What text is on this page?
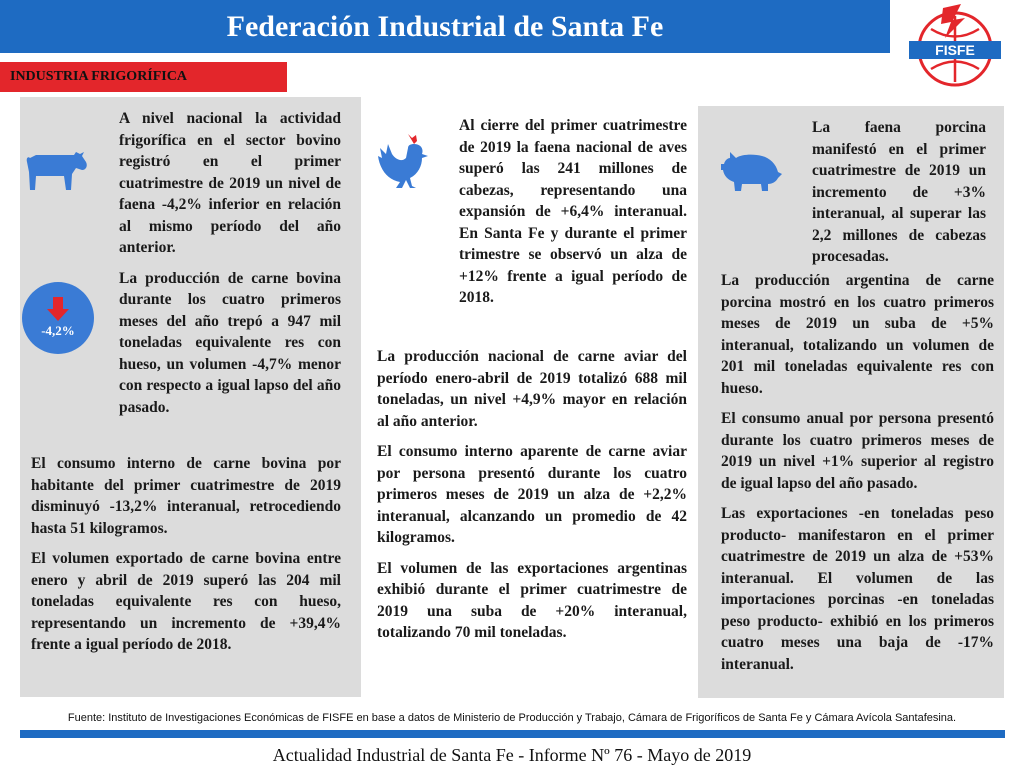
Federación Industrial de Santa Fe
FISFE
INDUSTRIA FRIGORÍFICA
-4,2%

A nivel nacional la actividad frigorífica en el sector bovino registró en el primer cuatrimestre de 2019 un nivel de faena -4,2% inferior en relación al mismo período del año anterior.

La producción de carne bovina durante los cuatro primeros meses del año trepó a 947 mil toneladas equivalente res con hueso, un volumen -4,7% menor con respecto a igual lapso del año pasado.

El consumo interno de carne bovina por habitante del primer cuatrimestre de 2019 disminuyó -13,2% interanual, retrocediendo hasta 51 kilogramos.

El volumen exportado de carne bovina entre enero y abril de 2019 superó las 204 mil toneladas equivalente res con hueso, representando un incremento de +39,4% frente a igual período de 2018.

Al cierre del primer cuatrimestre de 2019 la faena nacional de aves superó las 241 millones de cabezas, representando una expansión de +6,4% interanual. En Santa Fe y durante el primer trimestre se observó un alza de +12% frente a igual período de 2018.

La producción nacional de carne aviar del período enero-abril de 2019 totalizó 688 mil toneladas, un nivel +4,9% mayor en relación al año anterior.

El consumo interno aparente de carne aviar por persona presentó durante los cuatro primeros meses de 2019 un alza de +2,2% interanual, alcanzando un promedio de 42 kilogramos.

El volumen de las exportaciones argentinas exhibió durante el primer cuatrimestre de 2019 una suba de +20% interanual, totalizando 70 mil toneladas.

La faena porcina manifestó en el primer cuatrimestre de 2019 un incremento de +3% interanual, al superar las 2,2 millones de cabezas procesadas.

La producción argentina de carne porcina mostró en los cuatro primeros meses de 2019 un suba de +5% interanual, totalizando un volumen de 201 mil toneladas equivalente res con hueso.

El consumo anual por persona presentó durante los cuatro primeros meses de 2019 un nivel +1% superior al registro de igual lapso del año pasado.

Las exportaciones -en toneladas peso producto- manifestaron en el primer cuatrimestre de 2019 un alza de +53% interanual. El volumen de las importaciones porcinas -en toneladas peso producto- exhibió en los primeros cuatro meses una baja de -17% interanual.

Fuente: Instituto de Investigaciones Económicas de FISFE en base a datos de Ministerio de Producción y Trabajo, Cámara de Frigoríficos de Santa Fe y Cámara Avícola Santafesina.
Actualidad Industrial de Santa Fe - Informe Nº 76 - Mayo de 2019
